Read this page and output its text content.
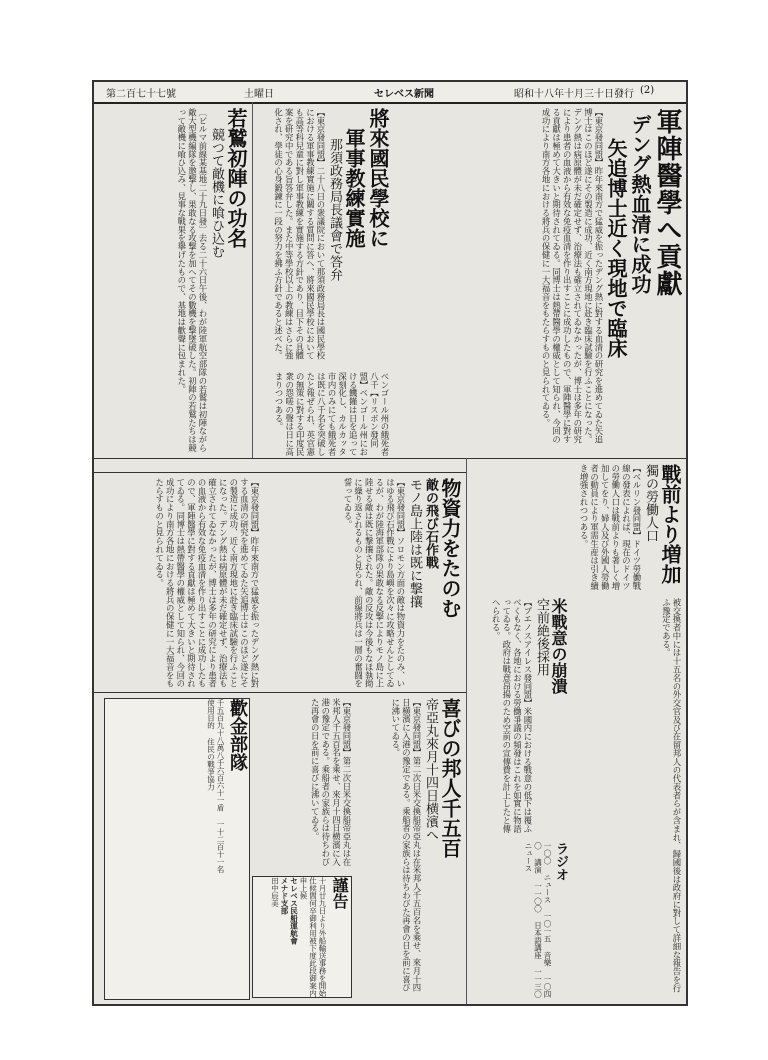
(2)
昭和十八年十月三十日發行
セレベス新聞
土曜日
第二百七十七號
軍陣醫學へ貢獻
デング熱血清に成功
矢追博士近く現地で臨床
【東京發同盟】昨年來南方で猛威を振ったデング熱に對する血清の研究を進めてゐた矢追博士はこのほど遂にその製造に成功、近く南方現地に赴き臨床試驗を行ふことになった。デング熱は病原體が未だ確定せず、治療法も確立されてゐなかったが、博士は多年の研究により患者の血液から有效な免疫血清を作り出すことに成功したもので、軍陣醫學に對する貢獻は極めて大きいと期待されてゐる。同博士は熱帶醫學の權威として知られ、今回の成功により南方各地における將兵の保健に一大福音をもたらすものと見られてゐる。
ベンゴール州の餓死者八千【リスボン發同盟】ベンゴール州における饑饉は日を追って深刻化し、カルカッタ市内のみにても餓死者は既に八千名を突破したと報ぜられ、英官憲の無策に對する印度民衆の怨嗟の聲は日に高まりつつある。
將來國民學校に
軍事教練實施
那須政務局長議會で答弁
【東京發同盟】二十八日の衆議院において那須政務局長は國民學校における軍事教練實施に關する質問に答へ、將來國民學校においても高等科兒童に對し軍事教練を實施する方針であり、目下その具體案を研究中である旨答弁した。また中等學校以上の教練はさらに強化され、學徒の心身鍛錬に一段の努力を拂ふ方針であると述べた。
若鷲初陣の功名
競つて敵機に喰ひ込む
〔ビルマ前線某基地二十九日發〕去る二十六日午後、わが陸軍航空部隊の若鷲は初陣ながら敵大型機編隊を邀撃し、果敢なる攻撃を加へてその數機を撃墜破した。初陣の若鷲たちは競って敵機に喰ひ込み、見事な戰果を擧げたもので、基地は歡聲に包まれた。
戰前より増加
獨の勞働人口
【ベルリン發同盟】ドイツ勞働戰線の發表によれば、現在のドイツの勞働人口は戰前よりも著しく増加してをり、婦人及び外國人勞働者の動員により軍需生産は引き續き増強されつつある。
被交換者中には十五名の外交官及び在留邦人の代表者らが含まれ、歸國後は政府に對して詳細な報告を行ふ豫定である。
米戰意の崩潰
空前絶後採用
【ブエノスアイレス發同盟】米國内における戰意の低下は覆ふべくもなく、各地における勞働爭議の頻發はこれを如實に物語ってゐる。政府は戰意昂揚のため空前の宣傳費を計上したと傳へられる。
ラジオ
一〇〇 ニュース 一〇一五 音樂 一〇四〇 講演 一一〇〇 日本語講座 一一三〇 ニュース
物資力をたのむ
敵の飛び石作戰
モノ島上陸は既に撃攘
【東京發同盟】ソロモン方面の敵は物資力をたのみ、いはゆる飛び石作戰により島嶼を次々に攻略せんとしてゐるが、わが陸海軍部隊の果敢なる反撃によりモノ島に上陸せる敵は既に撃攘された。敵の反攻は今後もなほ執拗に繰り返されるものと見られ、前線將兵は一層の奮闘を誓ってゐる。
【東京發同盟】昨年來南方で猛威を振ったデング熱に對する血清の研究を進めてゐた矢追博士はこのほど遂にその製造に成功、近く南方現地に赴き臨床試驗を行ふことになった。デング熱は病原體が未だ確定せず、治療法も確立されてゐなかったが、博士は多年の研究により患者の血液から有效な免疫血清を作り出すことに成功したもので、軍陣醫學に對する貢獻は極めて大きいと期待されてゐる。同博士は熱帶醫學の權威として知られ、今回の成功により南方各地における將兵の保健に一大福音をもたらすものと見られてゐる。
喜びの邦人千五百
帝亞丸來月十四日横濱へ
【東京發同盟】第二次日米交換船帝亞丸は在米邦人千五百名を乘せ、來月十四日横濱に入港の豫定である。乘船者の家族らは待ちわびた再會の日を前に喜びに沸いてゐる。
謹告
十月廿九日より外船輸送事務を開始仕候間何卒御利用被下度此段御案内申上候
セレベス民船運航會
メナド支部
田中辰美
歡金部隊
千五百九十八萬八千六百六十一盾 一十二百十一名
使用目的 住民の戰爭協力	【東京發同盟】第二次日米交換船帝亞丸は在米邦人千五百名を乘せ、來月十四日横濱に入港の豫定である。乘船者の家族らは待ちわびた再會の日を前に喜びに沸いてゐる。
